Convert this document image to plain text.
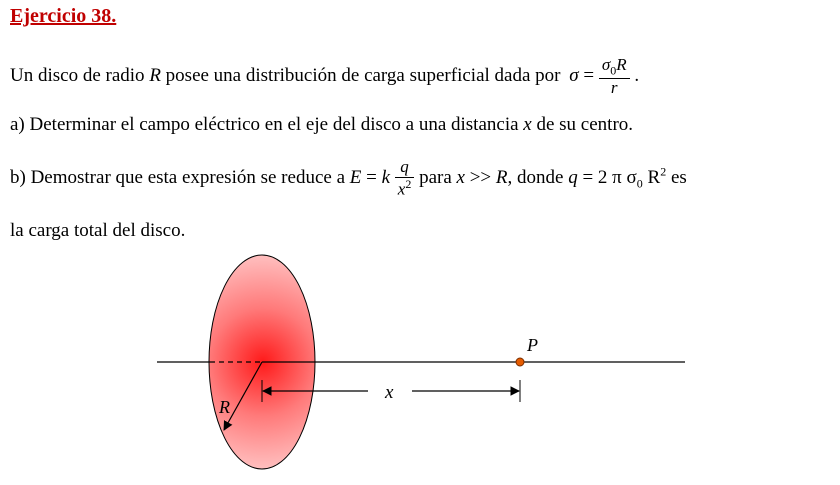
Ejercicio 38.
Un disco de radio R posee una distribución de carga superficial dada por $\sigma = \frac{\sigma_0R}{r}$ .
a) Determinar el campo eléctrico en el eje del disco a una distancia x de su centro.
b) Demostrar que esta expresión se reduce a E = k $\frac{q}{x^2}$ para x >> R, donde q = 2 π $\sigma_0$ $R^2$ es
la carga total del disco.
R
x
P
